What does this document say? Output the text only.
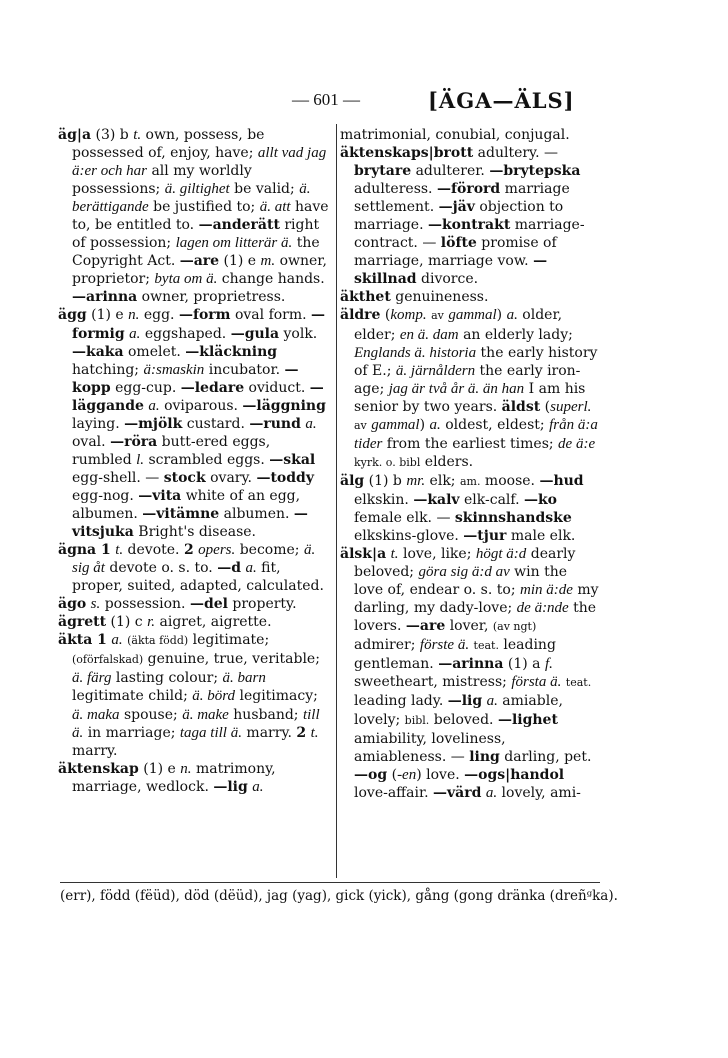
— 601 —	[ÄGA—ÄLS]

äg|a (3) b t. own, possess, be possessed of, enjoy, have; allt vad jag ä:er och har all my worldly possessions; ä. giltighet be valid; ä. berättigande be justified to; ä. att have to, be entitled to. —anderätt right of possession; lagen om litterär ä. the Copyright Act. —are (1) e m. owner, proprietor; byta om ä. change hands. —arinna owner, proprietress.

ägg (1) e n. egg. —form oval form. —formig a. eggshaped. —gula yolk. —kaka omelet. —kläckning hatching; ä:smaskin incubator. —kopp egg-cup. —ledare oviduct. —läggande a. oviparous. —läggning laying. —mjölk custard. —rund a. oval. —röra butt-ered eggs, rumbled l. scrambled eggs. —skal egg-shell. — stock ovary. —toddy egg-nog. —vita white of an egg, albumen. —vitämne albumen. —vitsjuka Bright's disease.

ägna 1 t. devote. 2 opers. become; ä. sig åt devote o. s. to. —d a. fit, proper, suited, adapted, calculated.

ägo s. possession. —del property.

ägrett (1) c r. aigret, aigrette.

äkta 1 a. (äkta född) legitimate; (oförfalskad) genuine, true, veritable; ä. färg lasting colour; ä. barn legitimate child; ä. börd legitimacy; ä. maka spouse; ä. make husband; till ä. in marriage; taga till ä. marry. 2 t. marry.

äktenskap (1) e n. matrimony, marriage, wedlock. —lig a.

matrimonial, conubial, conjugal.

äktenskaps|brott adultery. — brytare adulterer. —brytерska adulteress. —förord marriage settlement. —jäv objection to marriage. —kontrakt marriage-contract. — löfte promise of marriage, marriage vow. —skillnad divorce.

äkthet genuineness.

äldre (komp. av gammal) a. older, elder; en ä. dam an elderly lady; Englands ä. historia the early history of E.; ä. järnåldern the early iron-age; jag är två år ä. än han I am his senior by two years. äldst (superl. av gammal) a. oldest, eldest; från ä:a tider from the earliest times; de ä:e kyrk. o. bibl elders.

älg (1) b mr. elk; am. moose. —hud elkskin. —kalv elk-calf. —ko female elk. — skinnshandske elkskins-glove. —tjur male elk.

älsk|a t. love, like; högt ä:d dearly beloved; göra sig ä:d av win the love of, endear o. s. to; min ä:de my darling, my dady-love; de ä:nde the lovers. —are lover, (av ngt) admirer; förste ä. teat. leading gentleman. —arinna (1) a f. sweetheart, mistress; första ä. teat. leading lady. —lig a. amiable, lovely; bibl. beloved. —lighet amiability, loveliness, amiableness. — ling darling, pet. —og (-en) love. —ogs|handol love-affair. —värd a. lovely, ami-

(err), född (fëüd), död (dëüd), jag (yag), gick (yick), gång (gong dränka (dreñᵍka).
